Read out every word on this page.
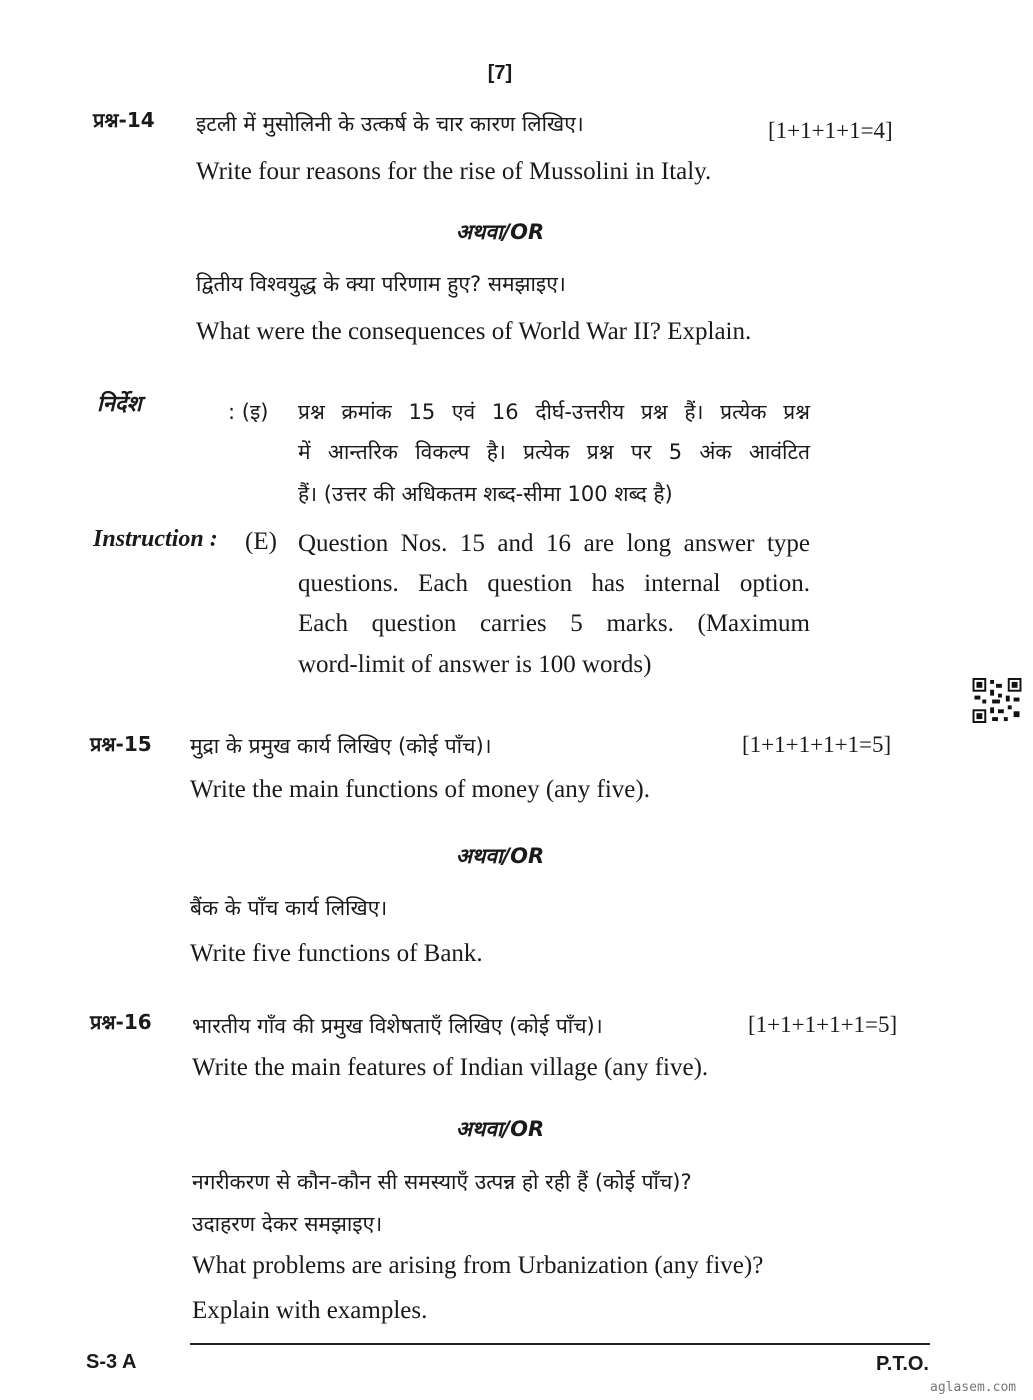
[7]
प्रश्न-14 इटली में मुसोलिनी के उत्कर्ष के चार कारण लिखिए।	[1+1+1+1=4]
Write four reasons for the rise of Mussolini in Italy.
अथवा/OR
द्वितीय विश्वयुद्ध के क्या परिणाम हुए? समझाइए।
What were the consequences of World War II? Explain.
निर्देश	: (इ) प्रश्न क्रमांक 15 एवं 16 दीर्घ-उत्तरीय प्रश्न हैं। प्रत्येक प्रश्न
में आन्तरिक विकल्प है। प्रत्येक प्रश्न पर 5 अंक आवंटित
हैं। (उत्तर की अधिकतम शब्द-सीमा 100 शब्द है)
Instruction : (E) Question Nos. 15 and 16 are long answer type
questions. Each question has internal option.
Each question carries 5 marks. (Maximum
word-limit of answer is 100 words)
प्रश्न-15 मुद्रा के प्रमुख कार्य लिखिए (कोई पाँच)।	[1+1+1+1+1=5]
Write the main functions of money (any five).
अथवा/OR
बैंक के पाँच कार्य लिखिए।
Write five functions of Bank.
प्रश्न-16 भारतीय गाँव की प्रमुख विशेषताएँ लिखिए (कोई पाँच)।	[1+1+1+1+1=5]
Write the main features of Indian village (any five).
अथवा/OR
नगरीकरण से कौन-कौन सी समस्याएँ उत्पन्न हो रही हैं (कोई पाँच)?
उदाहरण देकर समझाइए।
What problems are arising from Urbanization (any five)?
Explain with examples.
S-3 A	P.T.O.
aglasem.com
